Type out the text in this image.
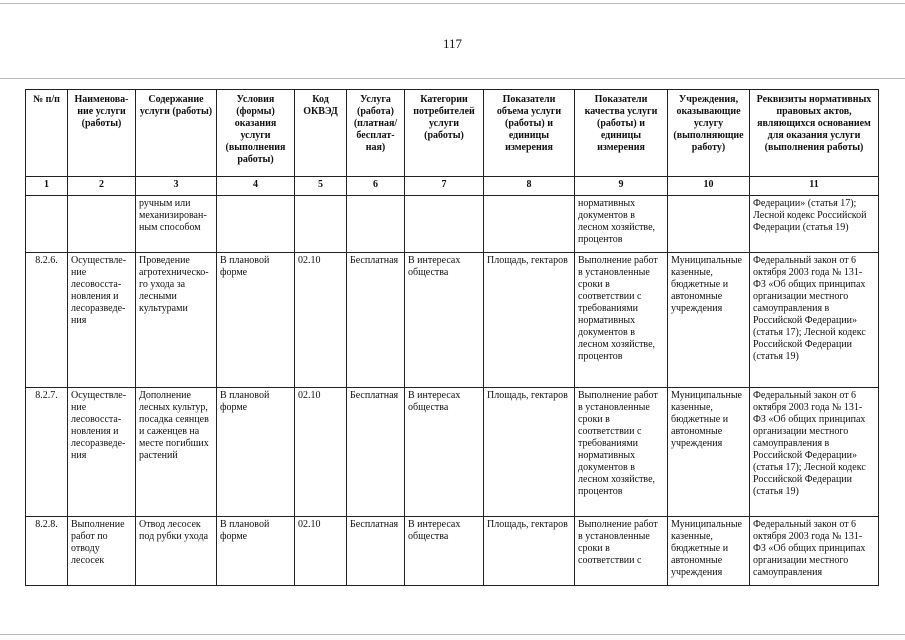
117
№ п/п	Наименова-ние услуги (работы)	Содержание услуги (работы)	Условия (формы) оказания услуги (выполнения работы)	Код ОКВЭД	Услуга (работа) (платная/ бесплат-ная)	Категории потребителей услуги (работы)	Показатели объема услуги (работы) и единицы измерения	Показатели качества услуги (работы) и единицы измерения	Учреждения, оказывающие услугу (выполняющие работу)	Реквизиты нормативных правовых актов, являющихся основанием для оказания услуги (выполнения работы)
1	2	3	4	5	6	7	8	9	10	11
		ручным или механизирован-ным способом						нормативных документов в лесном хозяйстве, процентов		Федерации» (статья 17); Лесной кодекс Российской Федерации (статья 19)
8.2.6.	Осуществле-ние лесовосста-новления и лесоразведе-ния	Проведение агротехническо-го ухода за лесными культурами	В плановой форме	02.10	Бесплатная	В интересах общества	Площадь, гектаров	Выполнение работ в установленные сроки в соответствии с требованиями нормативных документов в лесном хозяйстве, процентов	Муниципальные казенные, бюджетные и автономные учреждения	Федеральный закон от 6 октября 2003 года № 131-ФЗ «Об общих принципах организации местного самоуправления в Российской Федерации» (статья 17); Лесной кодекс Российской Федерации (статья 19)
8.2.7.	Осуществле-ние лесовосста-новления и лесоразведе-ния	Дополнение лесных культур, посадка сеянцев и саженцев на месте погибших растений	В плановой форме	02.10	Бесплатная	В интересах общества	Площадь, гектаров	Выполнение работ в установленные сроки в соответствии с требованиями нормативных документов в лесном хозяйстве, процентов	Муниципальные казенные, бюджетные и автономные учреждения	Федеральный закон от 6 октября 2003 года № 131-ФЗ «Об общих принципах организации местного самоуправления в Российской Федерации» (статья 17); Лесной кодекс Российской Федерации (статья 19)
8.2.8.	Выполнение работ по отводу лесосек	Отвод лесосек под рубки ухода	В плановой форме	02.10	Бесплатная	В интересах общества	Площадь, гектаров	Выполнение работ в установленные сроки в соответствии с	Муниципальные казенные, бюджетные и автономные учреждения	Федеральный закон от 6 октября 2003 года № 131-ФЗ «Об общих принципах организации местного самоуправления
